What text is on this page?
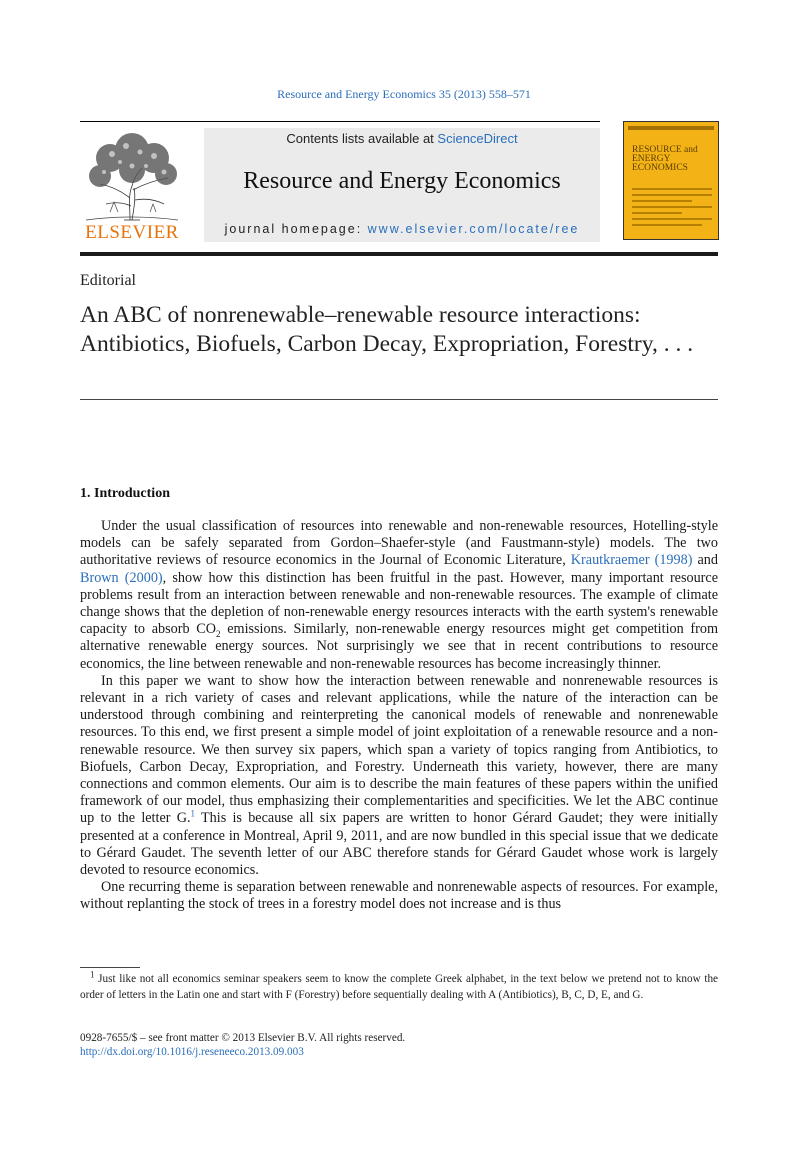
Resource and Energy Economics 35 (2013) 558–571
ELSEVIER
Contents lists available at ScienceDirect
Resource and Energy Economics
journal homepage: www.elsevier.com/locate/ree
RESOURCE and ENERGY ECONOMICS
Editorial
An ABC of nonrenewable–renewable resource interactions: Antibiotics, Biofuels, Carbon Decay, Expropriation, Forestry, . . .
1. Introduction

Under the usual classification of resources into renewable and non-renewable resources, Hotelling-style models can be safely separated from Gordon–Shaefer-style (and Faustmann-style) models. The two authoritative reviews of resource economics in the Journal of Economic Literature, Krautkraemer (1998) and Brown (2000), show how this distinction has been fruitful in the past. However, many important resource problems result from an interaction between renewable and non-renewable resources. The example of climate change shows that the depletion of non-renewable energy resources interacts with the earth system's renewable capacity to absorb $CO_2$ emissions. Similarly, non-renewable energy resources might get competition from alternative renewable energy sources. Not surprisingly we see that in recent contributions to resource economics, the line between renewable and non-renewable resources has become increasingly thinner.

In this paper we want to show how the interaction between renewable and nonrenewable resources is relevant in a rich variety of cases and relevant applications, while the nature of the interaction can be understood through combining and reinterpreting the canonical models of renewable and nonrenewable resources. To this end, we first present a simple model of joint exploitation of a renewable resource and a non-renewable resource. We then survey six papers, which span a variety of topics ranging from Antibiotics, to Biofuels, Carbon Decay, Expropriation, and Forestry. Underneath this variety, however, there are many connections and common elements. Our aim is to describe the main features of these papers within the unified framework of our model, thus emphasizing their complementarities and specificities. We let the ABC continue up to the letter G.$^1$ This is because all six papers are written to honor Gérard Gaudet; they were initially presented at a conference in Montreal, April 9, 2011, and are now bundled in this special issue that we dedicate to Gérard Gaudet. The seventh letter of our ABC therefore stands for Gérard Gaudet whose work is largely devoted to resource economics.

One recurring theme is separation between renewable and nonrenewable aspects of resources. For example, without replanting the stock of trees in a forestry model does not increase and is thus

$^1$ Just like not all economics seminar speakers seem to know the complete Greek alphabet, in the text below we pretend not to know the order of letters in the Latin one and start with F (Forestry) before sequentially dealing with A (Antibiotics), B, C, D, E, and G.
0928-7655/$ – see front matter © 2013 Elsevier B.V. All rights reserved.
http://dx.doi.org/10.1016/j.reseneeco.2013.09.003
